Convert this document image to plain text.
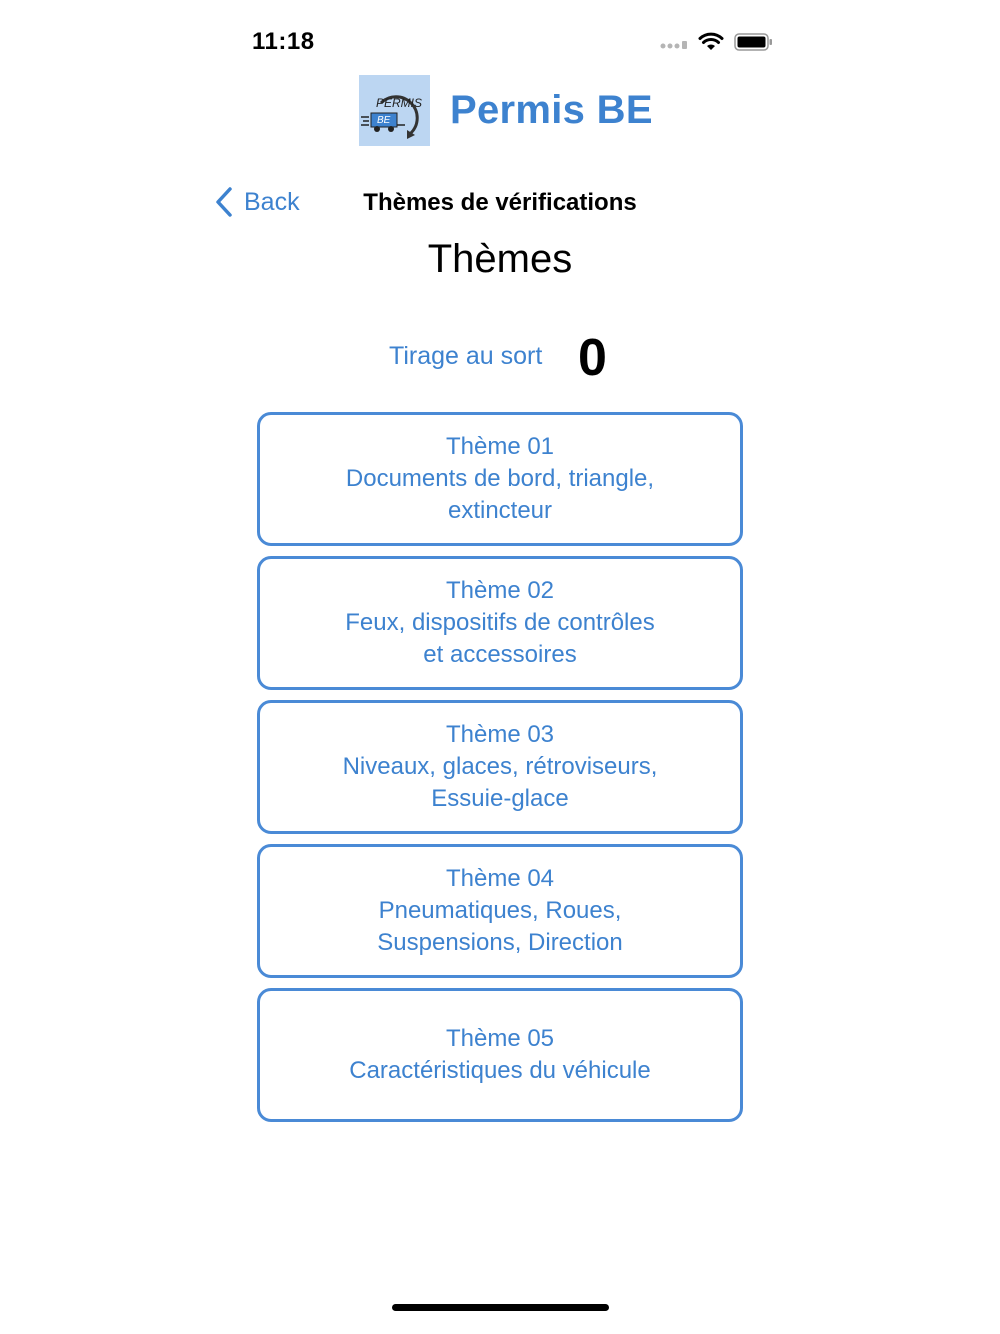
11:18
PERMIS
BE Permis BE
Back	Thèmes de vérifications
Thèmes
Tirage au sort 0
Thème 01
Documents de bord, triangle,
extincteur
Thème 02
Feux, dispositifs de contrôles
et accessoires
Thème 03
Niveaux, glaces, rétroviseurs,
Essuie-glace
Thème 04
Pneumatiques, Roues,
Suspensions, Direction
Thème 05
Caractéristiques du véhicule
